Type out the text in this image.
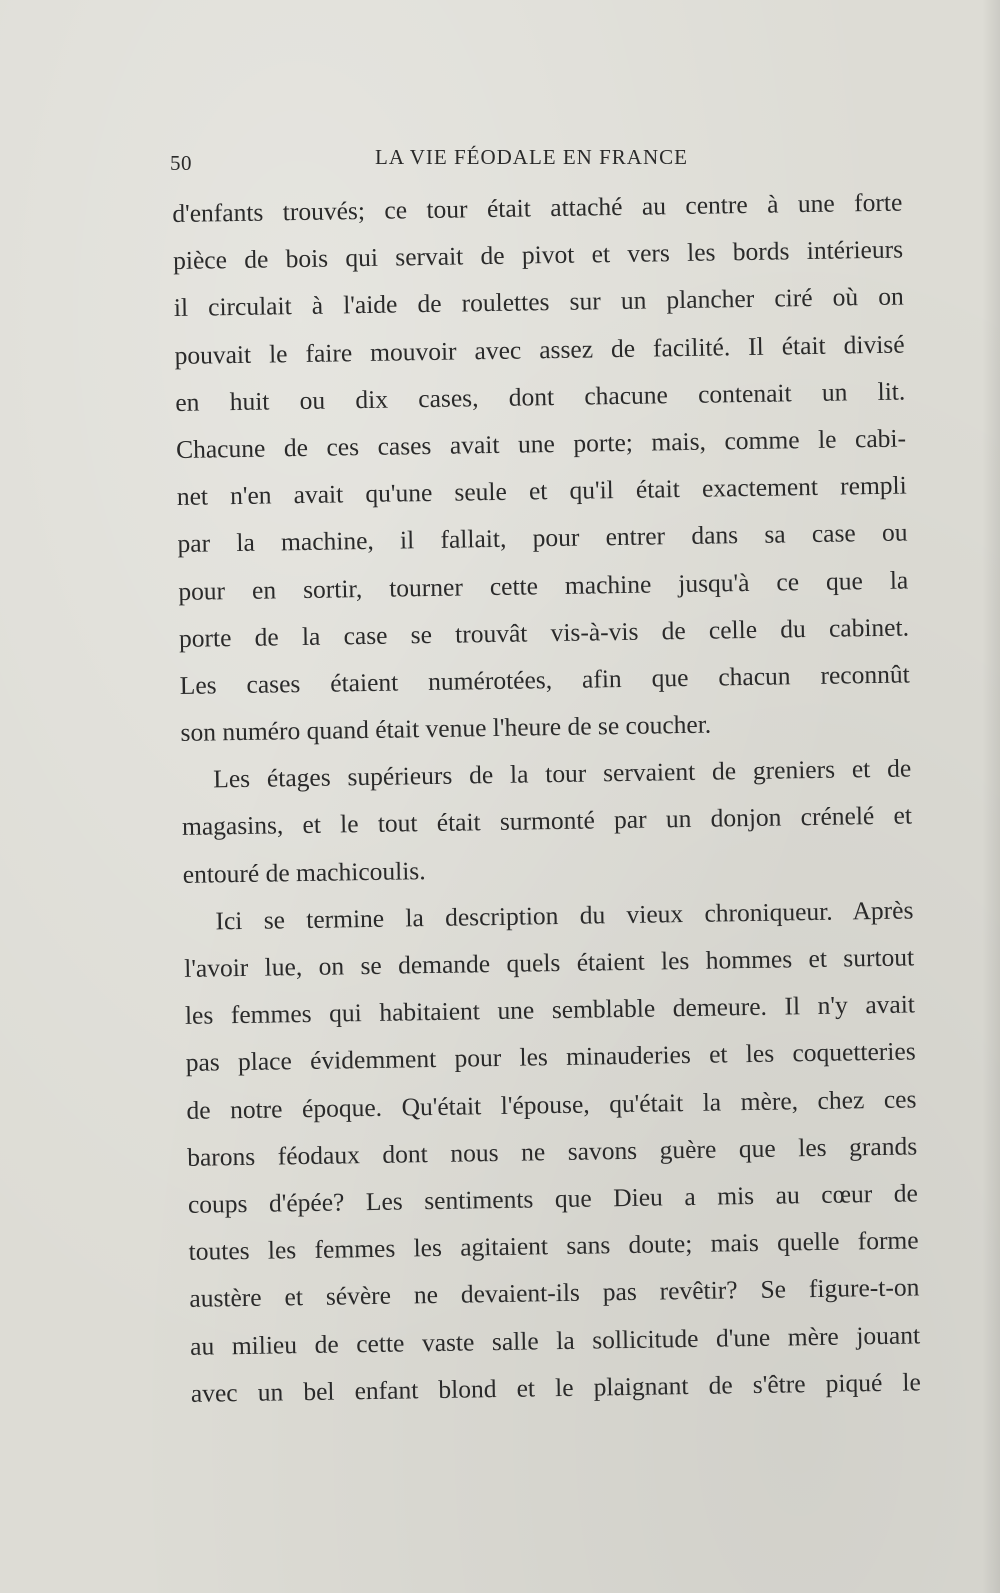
50	LA VIE FÉODALE EN FRANCE
d'enfants trouvés; ce tour était attaché au centre à une forte
pièce de bois qui servait de pivot et vers les bords intérieurs
il circulait à l'aide de roulettes sur un plancher ciré où on
pouvait le faire mouvoir avec assez de facilité. Il était divisé
en huit ou dix cases, dont chacune contenait un lit.
Chacune de ces cases avait une porte; mais, comme le cabi-
net n'en avait qu'une seule et qu'il était exactement rempli
par la machine, il fallait, pour entrer dans sa case ou
pour en sortir, tourner cette machine jusqu'à ce que la
porte de la case se trouvât vis-à-vis de celle du cabinet.
Les cases étaient numérotées, afin que chacun reconnût
son numéro quand était venue l'heure de se coucher.
Les étages supérieurs de la tour servaient de greniers et de
magasins, et le tout était surmonté par un donjon crénelé et
entouré de machicoulis.
Ici se termine la description du vieux chroniqueur. Après
l'avoir lue, on se demande quels étaient les hommes et surtout
les femmes qui habitaient une semblable demeure. Il n'y avait
pas place évidemment pour les minauderies et les coquetteries
de notre époque. Qu'était l'épouse, qu'était la mère, chez ces
barons féodaux dont nous ne savons guère que les grands
coups d'épée? Les sentiments que Dieu a mis au cœur de
toutes les femmes les agitaient sans doute; mais quelle forme
austère et sévère ne devaient-ils pas revêtir? Se figure-t-on
au milieu de cette vaste salle la sollicitude d'une mère jouant
avec un bel enfant blond et le plaignant de s'être piqué le
